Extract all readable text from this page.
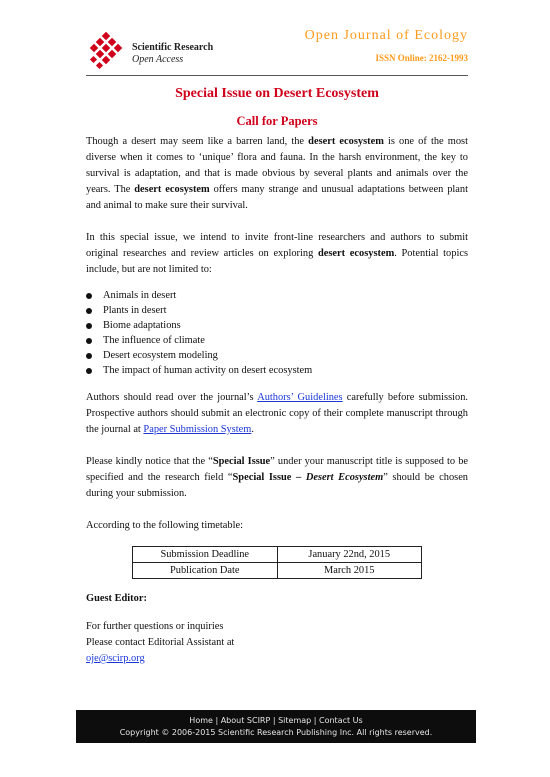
Scientific Research
Open Access
Open Journal of Ecology
ISSN Online: 2162-1993
Special Issue on Desert Ecosystem
Call for Papers

Though a desert may seem like a barren land, the desert ecosystem is one of the most diverse when it comes to ‘unique’ flora and fauna. In the harsh environment, the key to survival is adaptation, and that is made obvious by several plants and animals over the years. The desert ecosystem offers many strange and unusual adaptations between plant and animal to make sure their survival.

In this special issue, we intend to invite front-line researchers and authors to submit original researches and review articles on exploring desert ecosystem. Potential topics include, but are not limited to:

Animals in desert
Plants in desert
Biome adaptations
The influence of climate
Desert ecosystem modeling
The impact of human activity on desert ecosystem

Authors should read over the journal’s Authors’ Guidelines carefully before submission. Prospective authors should submit an electronic copy of their complete manuscript through the journal at Paper Submission System.

Please kindly notice that the “Special Issue” under your manuscript title is supposed to be specified and the research field “Special Issue – Desert Ecosystem” should be chosen during your submission.

According to the following timetable:

Submission Deadline	January 22nd, 2015
Publication Date	March 2015
Guest Editor:

For further questions or inquiries

Please contact Editorial Assistant at

oje@scirp.org

Home | About SCIRP | Sitemap | Contact Us
Copyright © 2006-2015 Scientific Research Publishing Inc. All rights reserved.
